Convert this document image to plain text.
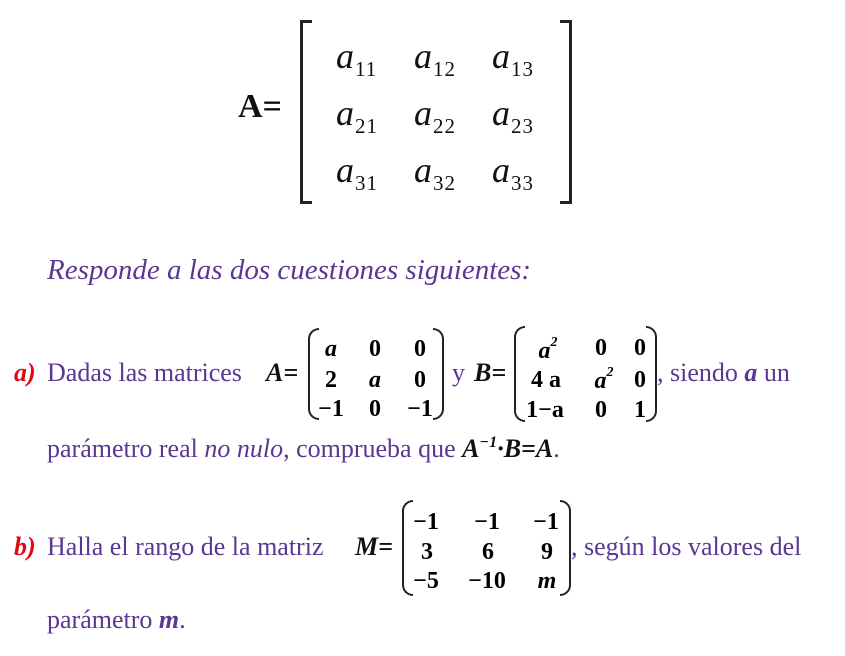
A=
$a_{11}$ $a_{12}$ $a_{13}$
$a_{21}$ $a_{22}$ $a_{23}$
$a_{31}$ $a_{32}$ $a_{33}$
Responde a las dos cuestiones siguientes:
a) Dadas las matrices A=
a 0 0
2 a 0
−1 0 −1
y B=
$a^2$ 0 0
4 a $a^2$ 0
1−a 0 1
, siendo a un
parámetro real no nulo, comprueba que $A^{-1}\cdot B=A$.
b) Halla el rango de la matriz M=
−1 −1 −1
3 6 9
−5 −10 m
, según los valores del
parámetro m.
